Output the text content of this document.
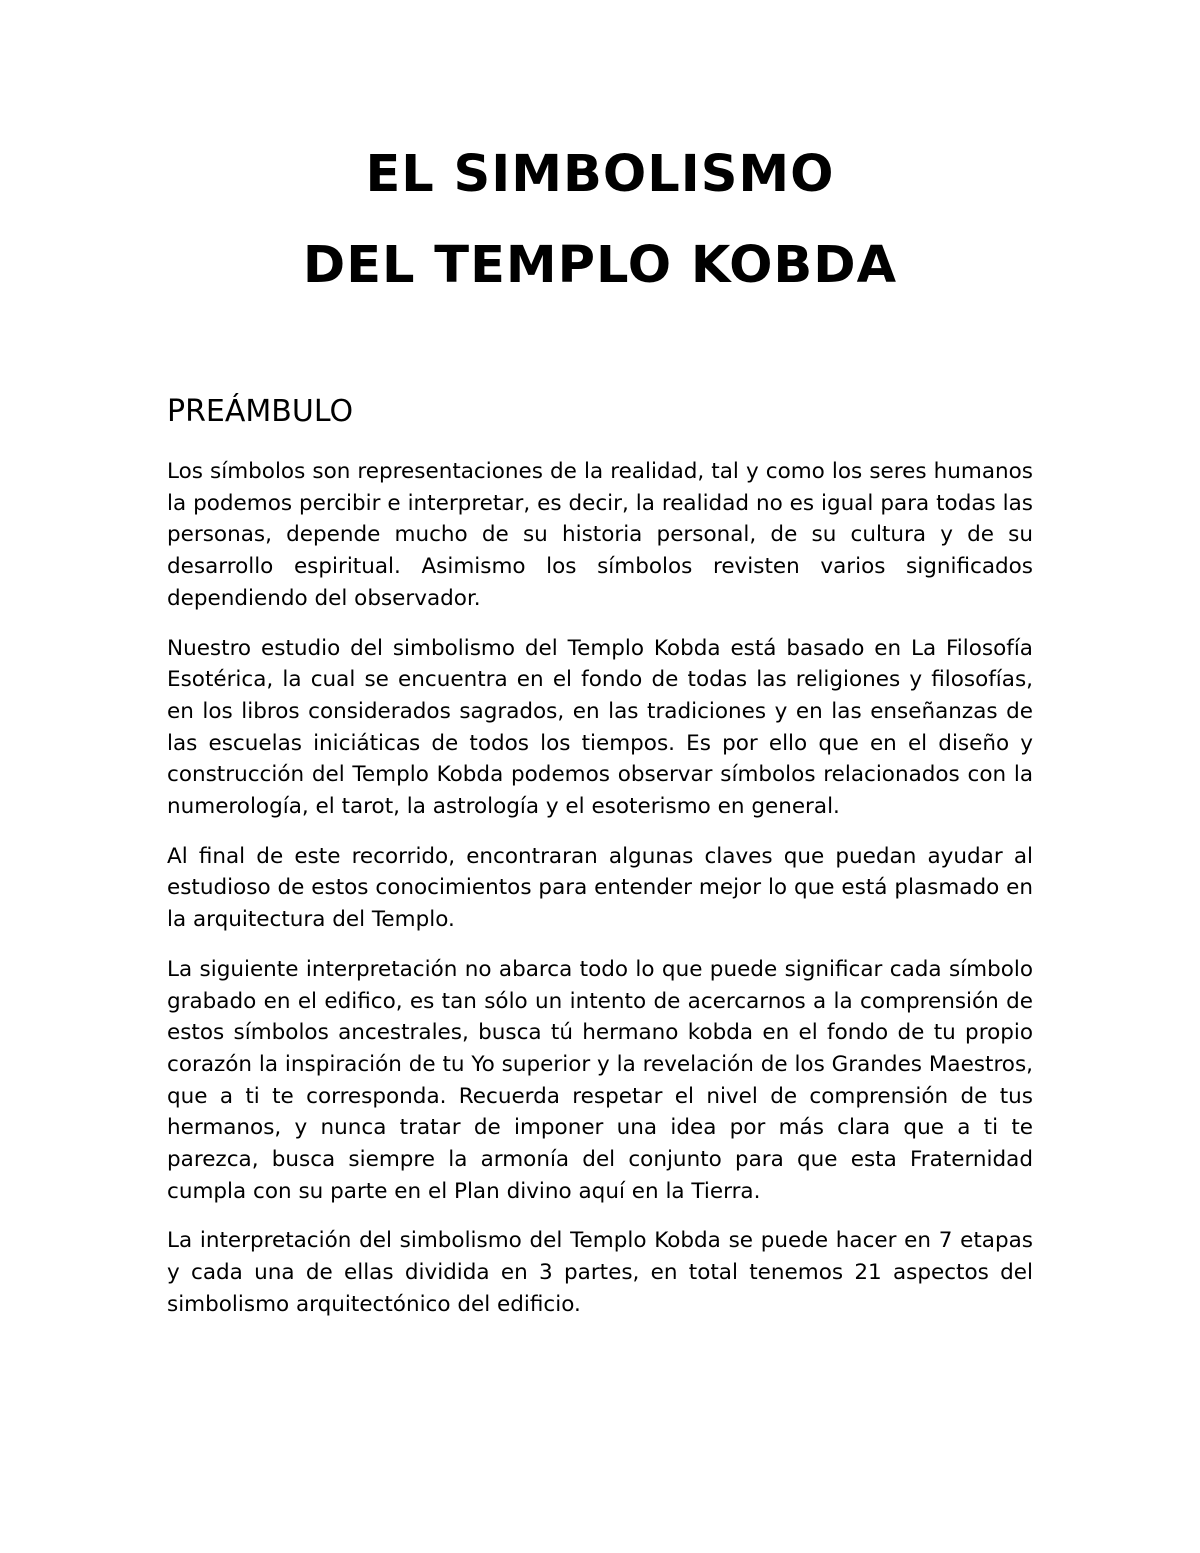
EL SIMBOLISMO
DEL TEMPLO KOBDA
PREÁMBULO

Los símbolos son representaciones de la realidad, tal y como los seres humanos la podemos percibir e interpretar, es decir, la realidad no es igual para todas las personas, depende mucho de su historia personal, de su cultura y de su desarrollo espiritual. Asimismo los símbolos revisten varios significados dependiendo del observador.

Nuestro estudio del simbolismo del Templo Kobda está basado en La Filosofía Esotérica, la cual se encuentra en el fondo de todas las religiones y filosofías, en los libros considerados sagrados, en las tradiciones y en las enseñanzas de las escuelas iniciáticas de todos los tiempos. Es por ello que en el diseño y construcción del Templo Kobda podemos observar símbolos relacionados con la numerología, el tarot, la astrología y el esoterismo en general.

Al final de este recorrido, encontraran algunas claves que puedan ayudar al estudioso de estos conocimientos para entender mejor lo que está plasmado en la arquitectura del Templo.

La siguiente interpretación no abarca todo lo que puede significar cada símbolo grabado en el edifico, es tan sólo un intento de acercarnos a la comprensión de estos símbolos ancestrales, busca tú hermano kobda en el fondo de tu propio corazón la inspiración de tu Yo superior y la revelación de los Grandes Maestros, que a ti te corresponda. Recuerda respetar el nivel de comprensión de tus hermanos, y nunca tratar de imponer una idea por más clara que a ti te parezca, busca siempre la armonía del conjunto para que esta Fraternidad cumpla con su parte en el Plan divino aquí en la Tierra.

La interpretación del simbolismo del Templo Kobda se puede hacer en 7 etapas y cada una de ellas dividida en 3 partes, en total tenemos 21 aspectos del simbolismo arquitectónico del edificio.
